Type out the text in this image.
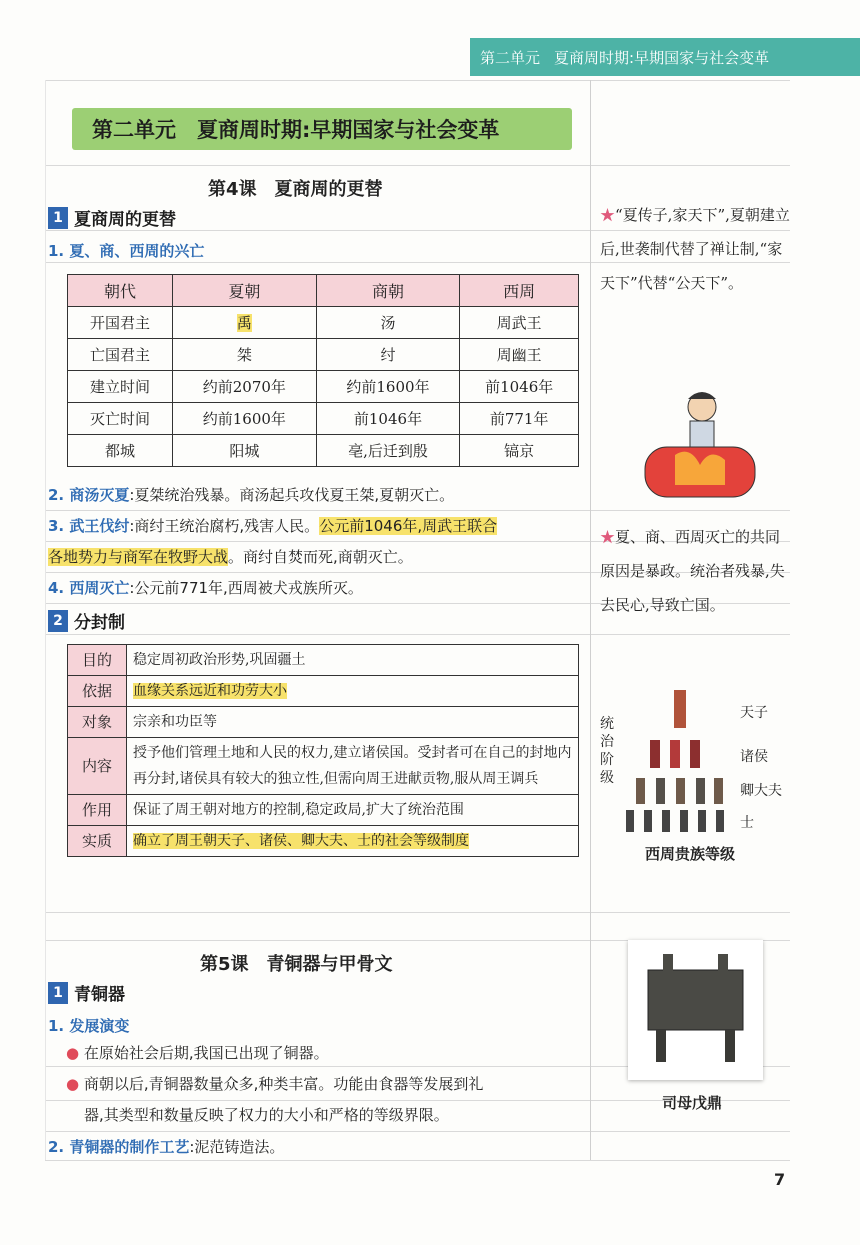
第二单元 夏商周时期:早期国家与社会变革
第二单元　夏商周时期:早期国家与社会变革
第4课　夏商周的更替
1 夏商周的更替
1. 夏、商、西周的兴亡
朝代	夏朝	商朝	西周
开国君主	禹	汤	周武王
亡国君主	桀	纣	周幽王
建立时间	约前2070年	约前1600年	前1046年
灭亡时间	约前1600年	前1046年	前771年
都城	阳城	亳,后迁到殷	镐京
2. 商汤灭夏:夏桀统治残暴。商汤起兵攻伐夏王桀,夏朝灭亡。
3. 武王伐纣:商纣王统治腐朽,残害人民。公元前1046年,周武王联合
各地势力与商军在牧野大战。商纣自焚而死,商朝灭亡。
4. 西周灭亡:公元前771年,西周被犬戎族所灭。
2 分封制
目的	稳定周初政治形势,巩固疆土
依据	血缘关系远近和功劳大小
对象	宗亲和功臣等
内容	授予他们管理土地和人民的权力,建立诸侯国。受封者可在自己的封地内再分封,诸侯具有较大的独立性,但需向周王进献贡物,服从周王调兵
作用	保证了周王朝对地方的控制,稳定政局,扩大了统治范围
实质	确立了周王朝天子、诸侯、卿大夫、士的社会等级制度
第5课　青铜器与甲骨文
1 青铜器
1. 发展演变
● 在原始社会后期,我国已出现了铜器。
● 商朝以后,青铜器数量众多,种类丰富。功能由食器等发展到礼
器,其类型和数量反映了权力的大小和严格的等级界限。
2. 青铜器的制作工艺:泥范铸造法。
★“夏传子,家天下”,夏朝建立后,世袭制代替了禅让制,“家天下”代替“公天下”。
★夏、商、西周灭亡的共同原因是暴政。统治者残暴,失去民心,导致亡国。
统治阶级
天子
诸侯
卿大夫
士
西周贵族等级
司母戊鼎
7
